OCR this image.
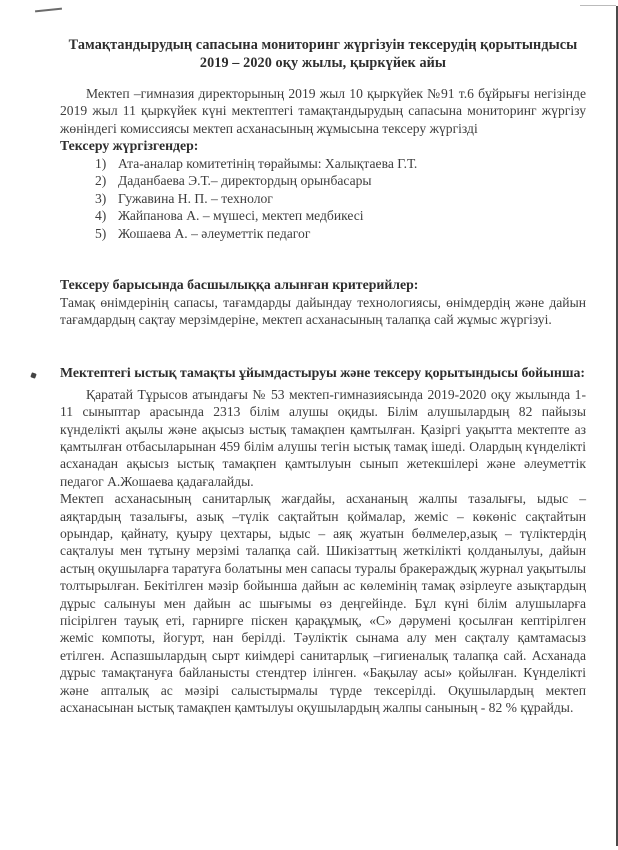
Тамақтандырудың сапасына мониторинг жүргізуін тексерудің қорытындысы

2019 – 2020 оқу жылы, қыркүйек айы

Мектеп –гимназия директорының 2019 жыл 10 қыркүйек №91 т.6 бұйрығы негізінде 2019 жыл 11 қыркүйек күні мектептегі тамақтандырудың сапасына мониторинг жүргізу жөніндегі комиссиясы мектеп асханасының жұмысына тексеру жүргізді

Тексеру жүргізгендер:

1) Ата-аналар комитетінің төрайымы: Халықтаева Г.Т.
2) Даданбаева Э.Т.– директордың орынбасары
3) Гужавина Н. П. – технолог
4) Жайпанова А. – мүшесі, мектеп медбикесі
5) Жошаева А. – әлеуметтік педагог

Тексеру барысында басшылыққа алынған критерийлер:

Тамақ өнімдерінің сапасы, тағамдарды дайындау технологиясы, өнімдердің және дайын тағамдардың сақтау мерзімдеріне, мектеп асханасының талапқа сай жұмыс жүргізуі.

Мектептегі ыстық тамақты ұйымдастыруы және тексеру қорытындысы бойынша:

Қаратай Тұрысов атындағы № 53 мектеп-гимназиясында 2019-2020 оқу жылында 1-11 сыныптар арасында 2313 білім алушы оқиды. Білім алушылардың 82 пайызы күнделікті ақылы және ақысыз ыстық тамақпен қамтылған. Қазіргі уақытта мектепте аз қамтылған отбасыларынан 459 білім алушы тегін ыстық тамақ ішеді. Олардың күнделікті асханадан ақысыз ыстық тамақпен қамтылуын сынып жетекшілері және әлеуметтік педагог А.Жошаева қадағалайды.

Мектеп асханасының санитарлық жағдайы, асхананың жалпы тазалығы, ыдыс – аяқтардың тазалығы, азық –түлік сақтайтын қоймалар, жеміс – көкөніс сақтайтын орындар, қайнату, қуыру цехтары, ыдыс – аяқ жуатын бөлмелер,азық – түліктердің сақталуы мен тұтыну мерзімі талапқа сай. Шикізаттың жеткілікті қолданылуы, дайын астың оқушыларға таратуға болатыны мен сапасы туралы бракераждық журнал уақытылы толтырылған. Бекітілген мәзір бойынша дайын ас көлемінің тамақ әзірлеуге азықтардың дұрыс салынуы мен дайын ас шығымы өз деңгейінде. Бұл күні білім алушыларға пісірілген тауық еті, гарнирге піскен қарақұмық, «С» дәрумені қосылған кептірілген жеміс компоты, йогурт, нан берілді. Тәуліктік сынама алу мен сақталу қамтамасыз етілген. Аспазшылардың сырт киімдері санитарлық –гигиеналық талапқа сай. Асханада дұрыс тамақтануға байланысты стендтер ілінген. «Бақылау асы» қойылған. Күнделікті және апталық ас мәзірі салыстырмалы түрде тексерілді. Оқушылардың мектеп асханасынан ыстық тамақпен қамтылуы оқушылардың жалпы санының - 82 % құрайды.
